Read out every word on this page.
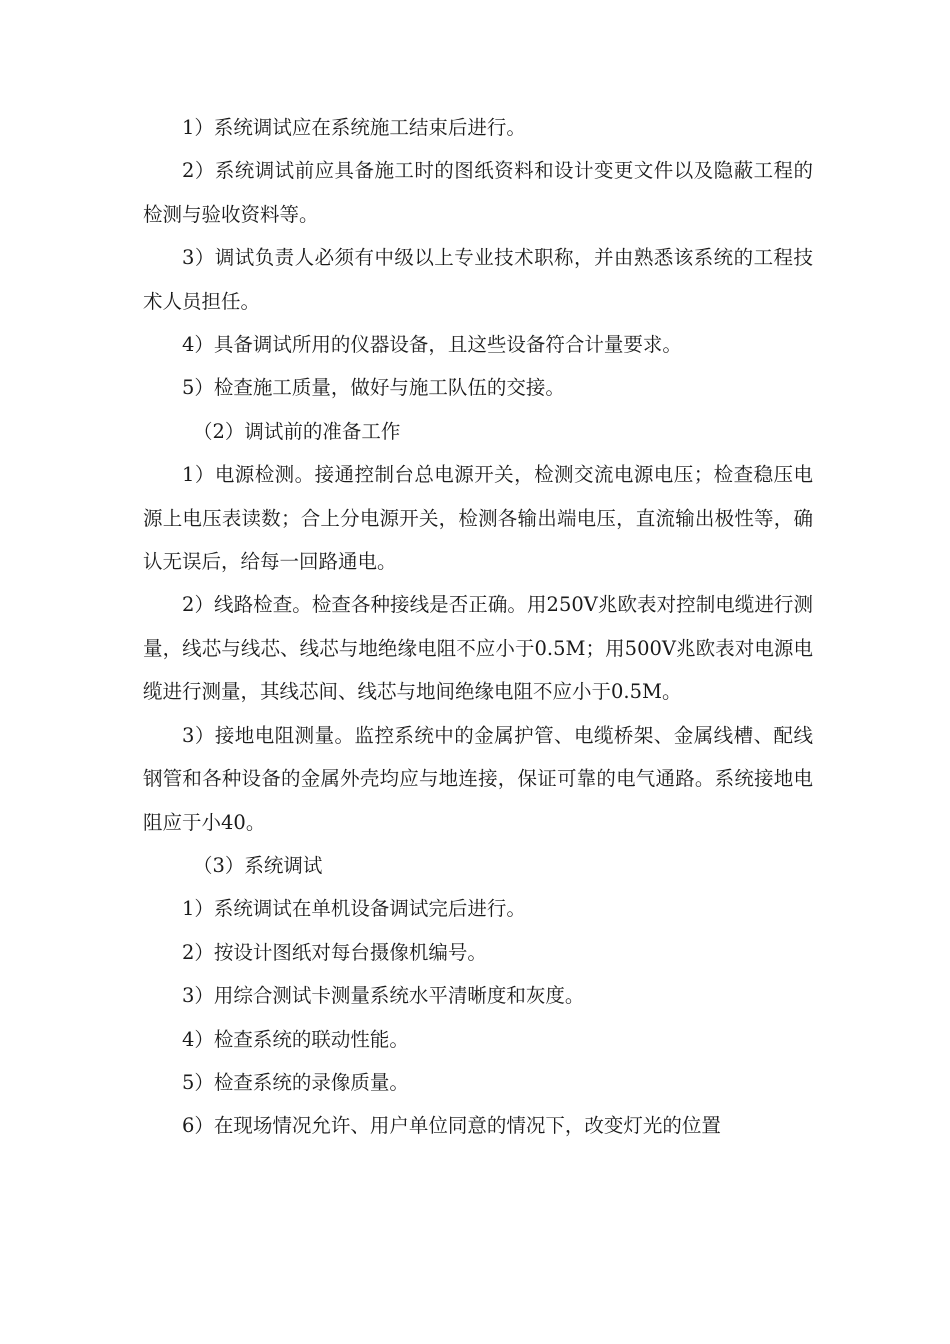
1）系统调试应在系统施工结束后进行。

2）系统调试前应具备施工时的图纸资料和设计变更文件以及隐蔽工程的检测与验收资料等。

3）调试负责人必须有中级以上专业技术职称，并由熟悉该系统的工程技术人员担任。

4）具备调试所用的仪器设备，且这些设备符合计量要求。

5）检查施工质量，做好与施工队伍的交接。

（2）调试前的准备工作

1）电源检测。接通控制台总电源开关，检测交流电源电压；检查稳压电源上电压表读数；合上分电源开关，检测各输出端电压，直流输出极性等，确认无误后，给每一回路通电。

2）线路检查。检查各种接线是否正确。用250V兆欧表对控制电缆进行测量，线芯与线芯、线芯与地绝缘电阻不应小于0.5M；用500V兆欧表对电源电缆进行测量，其线芯间、线芯与地间绝缘电阻不应小于0.5M。

3）接地电阻测量。监控系统中的金属护管、电缆桥架、金属线槽、配线钢管和各种设备的金属外壳均应与地连接，保证可靠的电气通路。系统接地电阻应于小40。

（3）系统调试

1）系统调试在单机设备调试完后进行。

2）按设计图纸对每台摄像机编号。

3）用综合测试卡测量系统水平清晰度和灰度。

4）检查系统的联动性能。

5）检查系统的录像质量。

6）在现场情况允许、用户单位同意的情况下，改变灯光的位置
